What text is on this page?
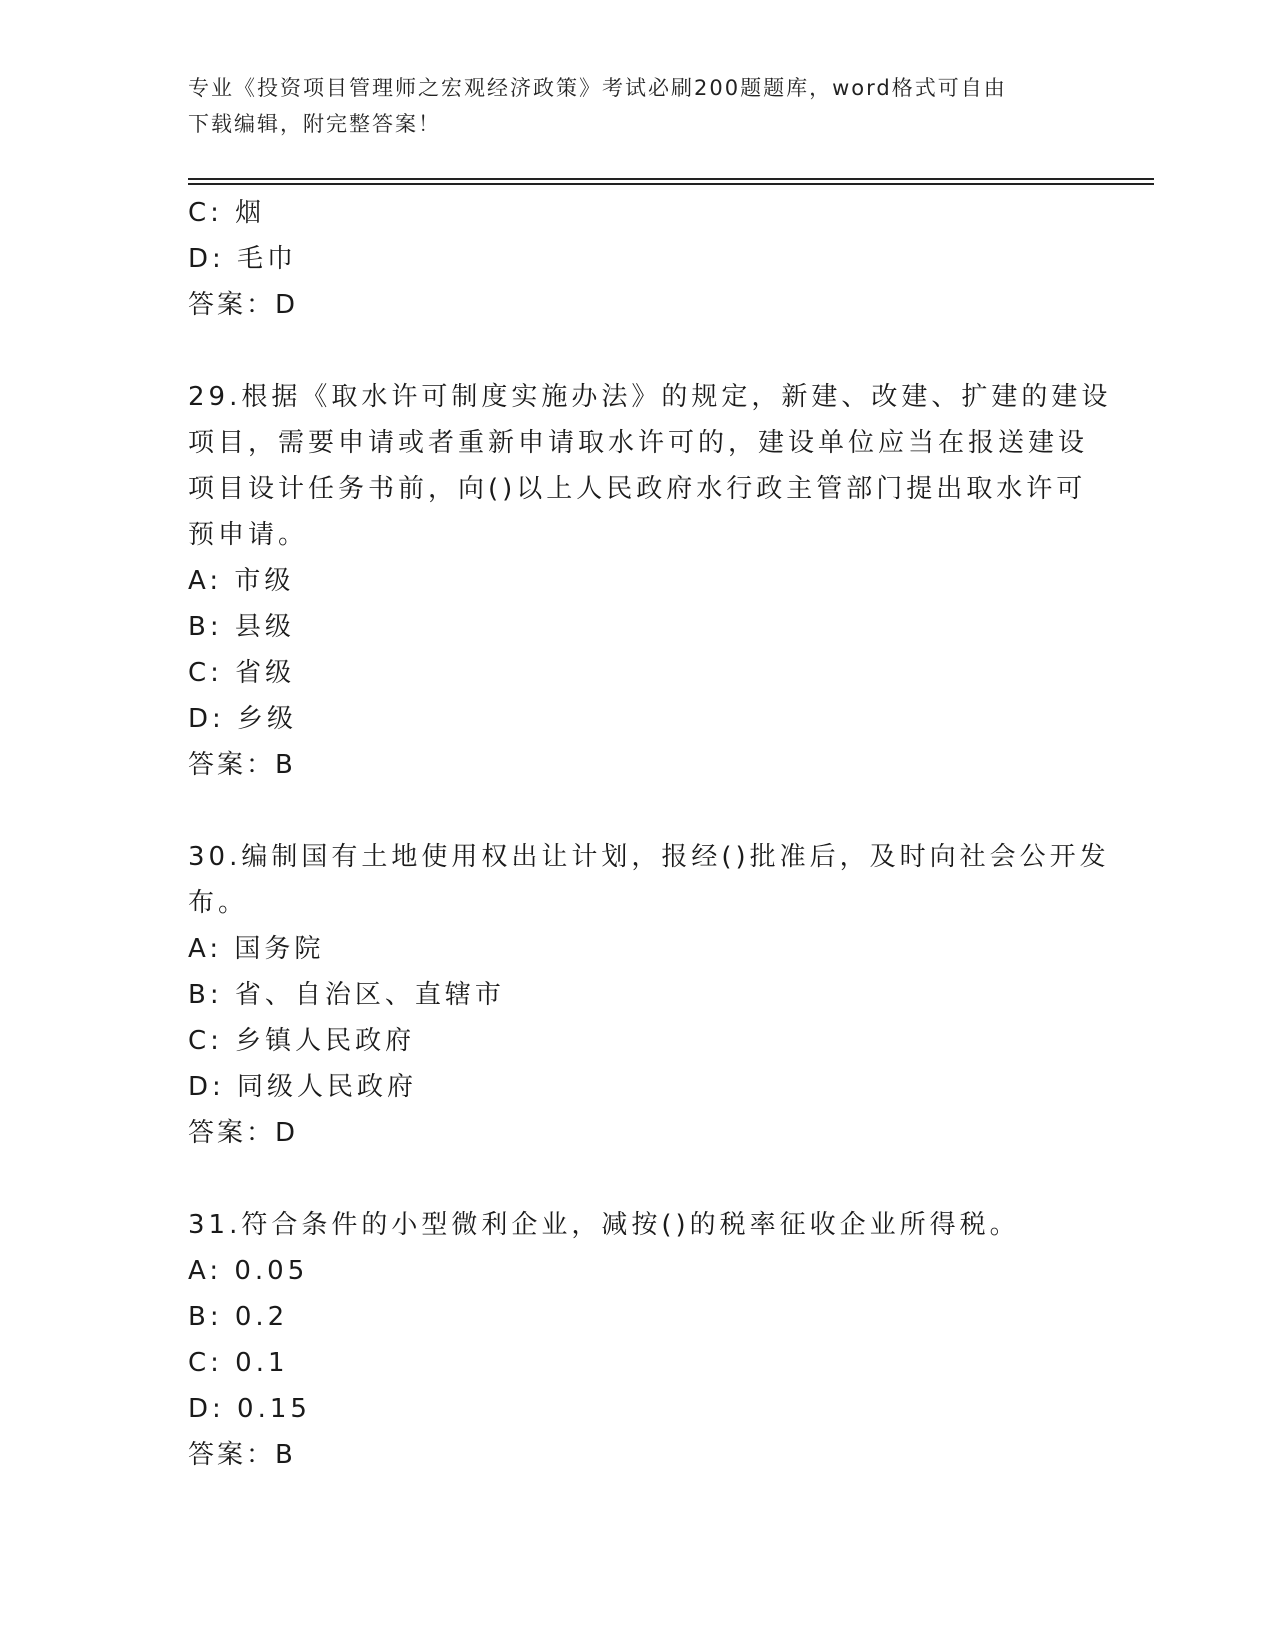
专业《投资项目管理师之宏观经济政策》考试必刷200题题库，word格式可自由
下载编辑，附完整答案！
C: 烟
D: 毛巾
答案：D
29.根据《取水许可制度实施办法》的规定，新建、改建、扩建的建设
项目，需要申请或者重新申请取水许可的，建设单位应当在报送建设
项目设计任务书前，向()以上人民政府水行政主管部门提出取水许可
预申请。
A: 市级
B: 县级
C: 省级
D: 乡级
答案：B
30.编制国有土地使用权出让计划，报经()批准后，及时向社会公开发
布。
A: 国务院
B: 省、自治区、直辖市
C: 乡镇人民政府
D: 同级人民政府
答案：D
31.符合条件的小型微利企业，减按()的税率征收企业所得税。
A: 0.05
B: 0.2
C: 0.1
D: 0.15
答案：B
